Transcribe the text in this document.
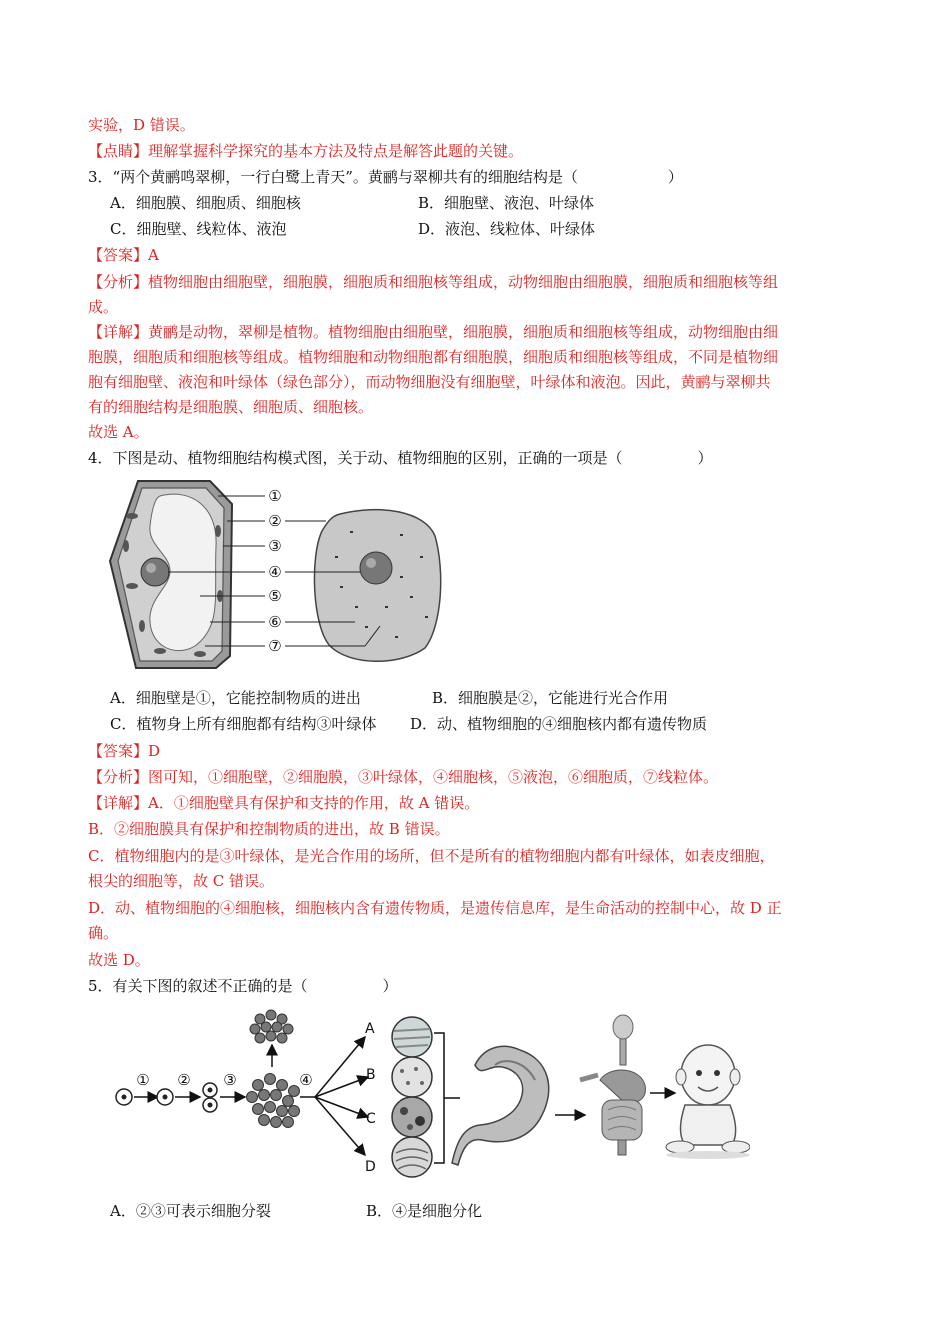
实验，D 错误。
【点睛】理解掌握科学探究的基本方法及特点是解答此题的关键。
3．“两个黄鹂鸣翠柳，一行白鹭上青天”。黄鹂与翠柳共有的细胞结构是（　　　　　　）
A．细胞膜、细胞质、细胞核	B．细胞壁、液泡、叶绿体
C．细胞壁、线粒体、液泡	D．液泡、线粒体、叶绿体
【答案】A
【分析】植物细胞由细胞壁，细胞膜，细胞质和细胞核等组成，动物细胞由细胞膜，细胞质和细胞核等组
成。
【详解】黄鹂是动物，翠柳是植物。植物细胞由细胞壁，细胞膜，细胞质和细胞核等组成，动物细胞由细
胞膜，细胞质和细胞核等组成。植物细胞和动物细胞都有细胞膜，细胞质和细胞核等组成，不同是植物细
胞有细胞壁、液泡和叶绿体（绿色部分），而动物细胞没有细胞壁，叶绿体和液泡。因此，黄鹂与翠柳共
有的细胞结构是细胞膜、细胞质、细胞核。
故选 A。
4．下图是动、植物细胞结构模式图，关于动、植物细胞的区别，正确的一项是（　　　　　）
①
②
③
④
⑤
⑥
⑦
A．细胞壁是①，它能控制物质的进出	B．细胞膜是②，它能进行光合作用
C．植物身上所有细胞都有结构③叶绿体 D．动、植物细胞的④细胞核内都有遗传物质
【答案】D
【分析】图可知，①细胞壁，②细胞膜，③叶绿体，④细胞核，⑤液泡，⑥细胞质，⑦线粒体。
【详解】A．①细胞壁具有保护和支持的作用，故 A 错误。
B．②细胞膜具有保护和控制物质的进出，故 B 错误。
C．植物细胞内的是③叶绿体，是光合作用的场所，但不是所有的植物细胞内都有叶绿体，如表皮细胞，
根尖的细胞等，故 C 错误。
D．动、植物细胞的④细胞核，细胞核内含有遗传物质，是遗传信息库，是生命活动的控制中心，故 D 正
确。
故选 D。
5．有关下图的叙述不正确的是（　　　　　）
A
B
C
D
① ② ③	④
A．②③可表示细胞分裂	B．④是细胞分化
